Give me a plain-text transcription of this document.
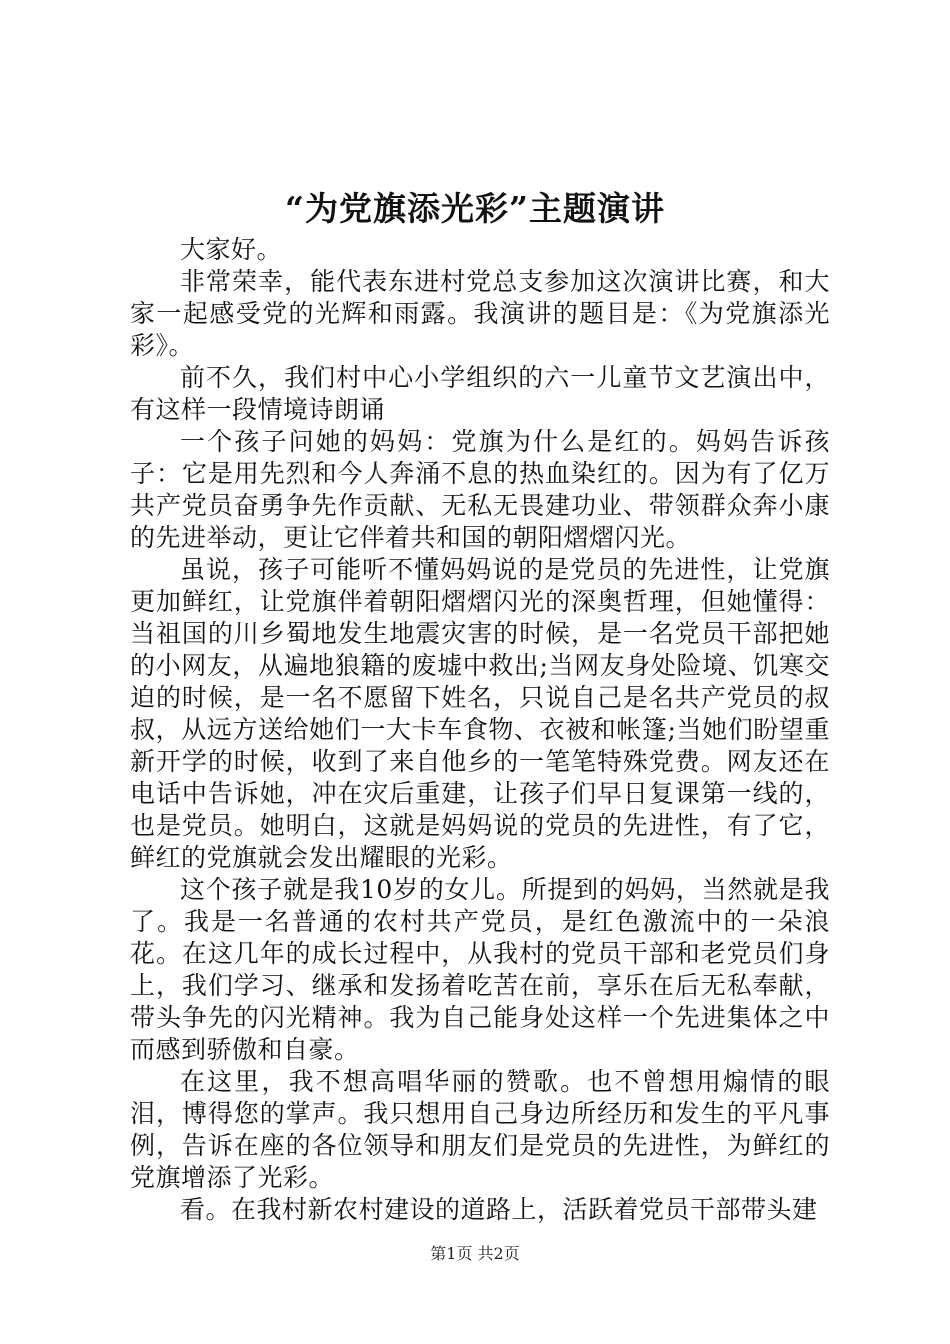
“为党旗添光彩”主题演讲

大家好。

非常荣幸，能代表东进村党总支参加这次演讲比赛，和大家一起感受党的光辉和雨露。我演讲的题目是：《为党旗添光彩》。

前不久，我们村中心小学组织的六一儿童节文艺演出中，有这样一段情境诗朗诵

一个孩子问她的妈妈：党旗为什么是红的。妈妈告诉孩子：它是用先烈和今人奔涌不息的热血染红的。因为有了亿万共产党员奋勇争先作贡献、无私无畏建功业、带领群众奔小康的先进举动，更让它伴着共和国的朝阳熠熠闪光。

虽说，孩子可能听不懂妈妈说的是党员的先进性，让党旗更加鲜红，让党旗伴着朝阳熠熠闪光的深奥哲理，但她懂得：当祖国的川乡蜀地发生地震灾害的时候，是一名党员干部把她的小网友，从遍地狼籍的废墟中救出;当网友身处险境、饥寒交迫的时候，是一名不愿留下姓名，只说自己是名共产党员的叔叔，从远方送给她们一大卡车食物、衣被和帐篷;当她们盼望重新开学的时候，收到了来自他乡的一笔笔特殊党费。网友还在电话中告诉她，冲在灾后重建，让孩子们早日复课第一线的，也是党员。她明白，这就是妈妈说的党员的先进性，有了它，鲜红的党旗就会发出耀眼的光彩。

这个孩子就是我10岁的女儿。所提到的妈妈，当然就是我了。我是一名普通的农村共产党员，是红色激流中的一朵浪花。在这几年的成长过程中，从我村的党员干部和老党员们身上，我们学习、继承和发扬着吃苦在前，享乐在后无私奉献，带头争先的闪光精神。我为自己能身处这样一个先进集体之中而感到骄傲和自豪。

在这里，我不想高唱华丽的赞歌。也不曾想用煽情的眼泪，博得您的掌声。我只想用自己身边所经历和发生的平凡事例，告诉在座的各位领导和朋友们是党员的先进性，为鲜红的党旗增添了光彩。

看。在我村新农村建设的道路上，活跃着党员干部带头建

第1页 共2页
